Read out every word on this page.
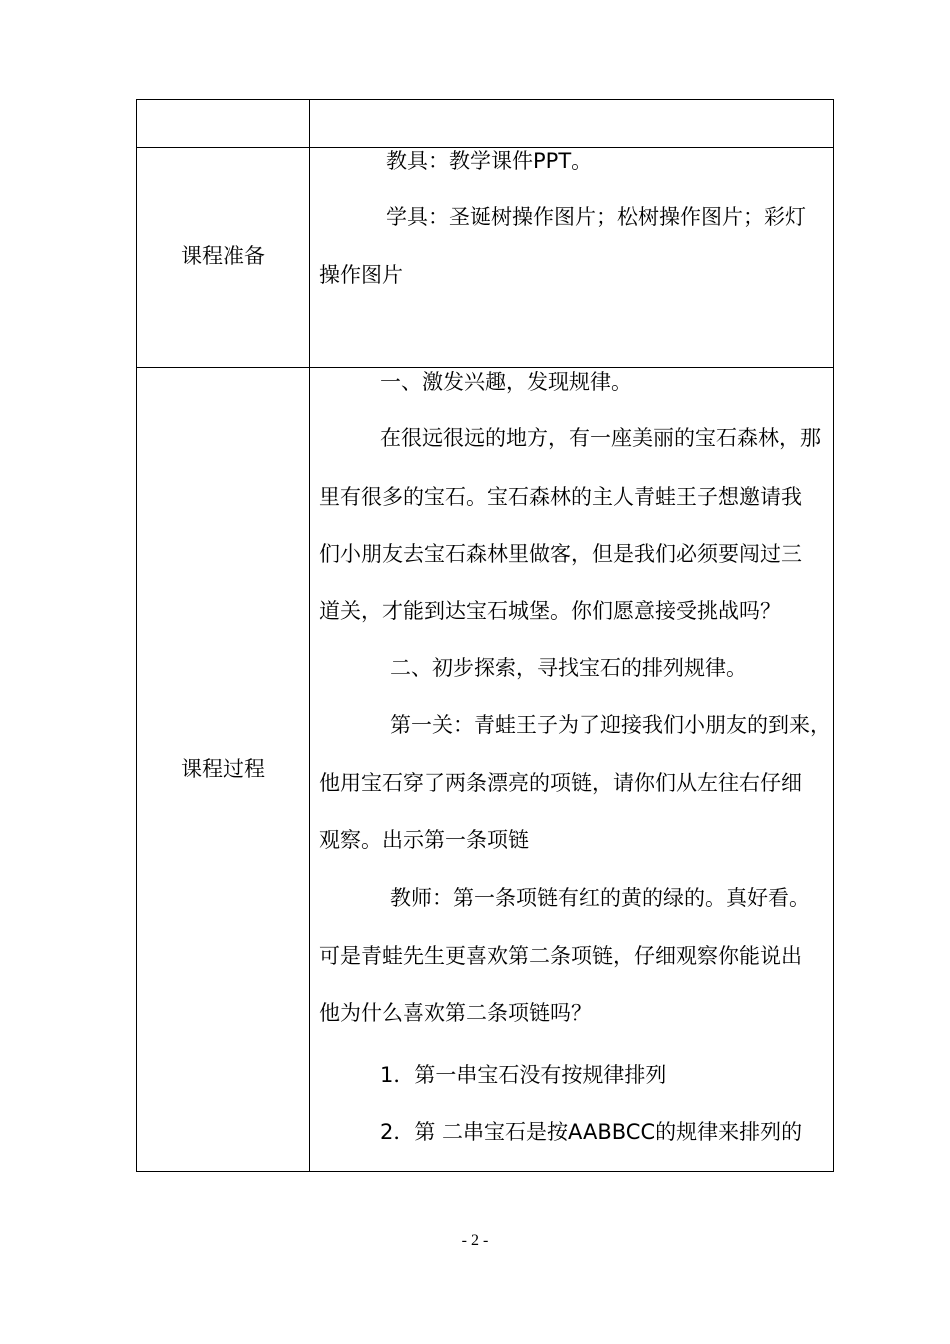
课程准备
　教具：教学课件PPT。
　学具：圣诞树操作图片；松树操作图片；彩灯
操作图片
课程过程
　一、激发兴趣，发现规律。
　在很远很远的地方，有一座美丽的宝石森林，那
里有很多的宝石。宝石森林的主人青蛙王子想邀请我
们小朋友去宝石森林里做客，但是我们必须要闯过三
道关，才能到达宝石城堡。你们愿意接受挑战吗？
　二、初步探索，寻找宝石的排列规律。
　第一关：青蛙王子为了迎接我们小朋友的到来，
他用宝石穿了两条漂亮的项链，请你们从左往右仔细
观察。出示第一条项链
　教师：第一条项链有红的黄的绿的。真好看。
可是青蛙先生更喜欢第二条项链，仔细观察你能说出
他为什么喜欢第二条项链吗？
　1．第一串宝石没有按规律排列
　2．第 二串宝石是按AABBCC的规律来排列的
- 2 -
